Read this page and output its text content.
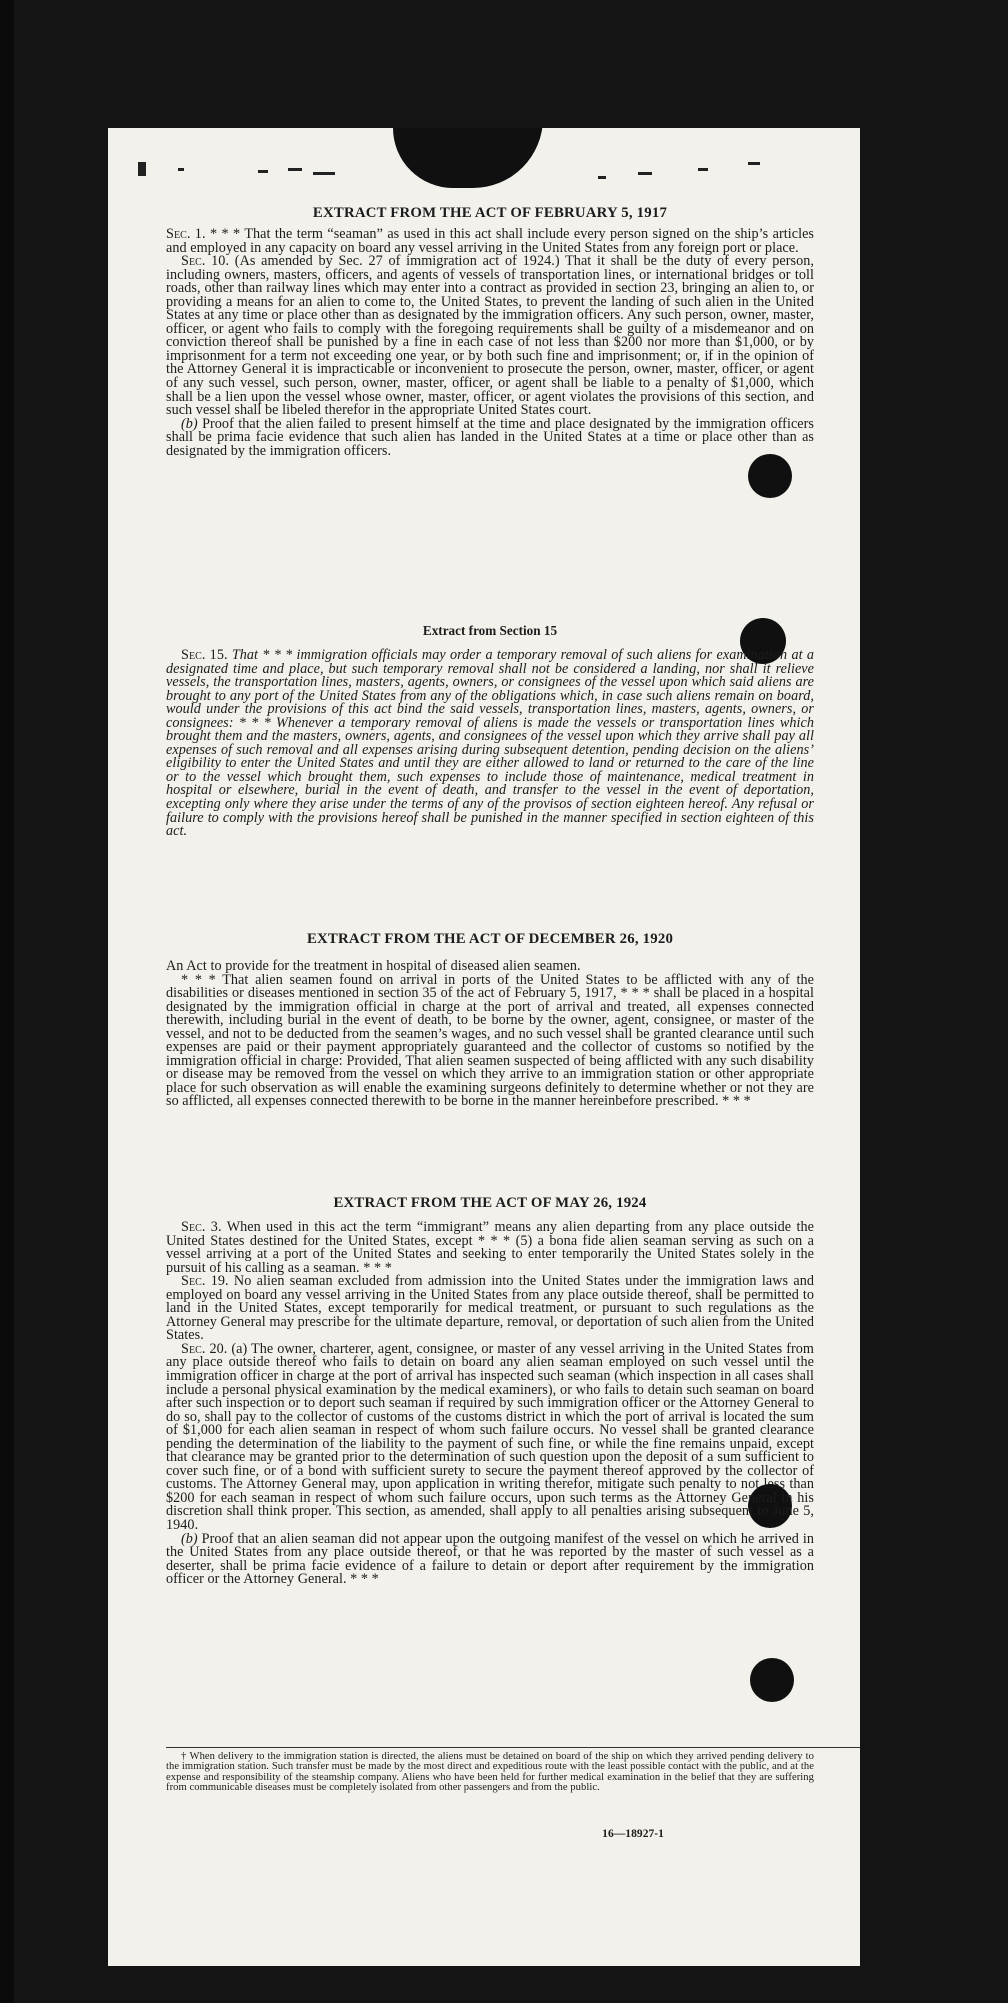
EXTRACT FROM THE ACT OF FEBRUARY 5, 1917

Sec. 1. * * * That the term “seaman” as used in this act shall include every person signed on the ship’s articles and employed in any capacity on board any vessel arriving in the United States from any foreign port or place.

Sec. 10. (As amended by Sec. 27 of immigration act of 1924.) That it shall be the duty of every person, including owners, masters, officers, and agents of vessels of transportation lines, or international bridges or toll roads, other than railway lines which may enter into a contract as provided in section 23, bringing an alien to, or providing a means for an alien to come to, the United States, to prevent the landing of such alien in the United States at any time or place other than as designated by the immigration officers. Any such person, owner, master, officer, or agent who fails to comply with the foregoing requirements shall be guilty of a misdemeanor and on conviction thereof shall be punished by a fine in each case of not less than $200 nor more than $1,000, or by imprisonment for a term not exceeding one year, or by both such fine and imprisonment; or, if in the opinion of the Attorney General it is impracticable or inconvenient to prosecute the person, owner, master, officer, or agent of any such vessel, such person, owner, master, officer, or agent shall be liable to a penalty of $1,000, which shall be a lien upon the vessel whose owner, master, officer, or agent violates the provisions of this section, and such vessel shall be libeled therefor in the appropriate United States court.

(b) Proof that the alien failed to present himself at the time and place designated by the immigration officers shall be prima facie evidence that such alien has landed in the United States at a time or place other than as designated by the immigration officers.

Extract from Section 15

Sec. 15. That * * * immigration officials may order a temporary removal of such aliens for examination at a designated time and place, but such temporary removal shall not be considered a landing, nor shall it relieve vessels, the transportation lines, masters, agents, owners, or consignees of the vessel upon which said aliens are brought to any port of the United States from any of the obligations which, in case such aliens remain on board, would under the provisions of this act bind the said vessels, transportation lines, masters, agents, owners, or consignees: * * * Whenever a temporary removal of aliens is made the vessels or transportation lines which brought them and the masters, owners, agents, and consignees of the vessel upon which they arrive shall pay all expenses of such removal and all expenses arising during subsequent detention, pending decision on the aliens’ eligibility to enter the United States and until they are either allowed to land or returned to the care of the line or to the vessel which brought them, such expenses to include those of maintenance, medical treatment in hospital or elsewhere, burial in the event of death, and transfer to the vessel in the event of deportation, excepting only where they arise under the terms of any of the provisos of section eighteen hereof. Any refusal or failure to comply with the provisions hereof shall be punished in the manner specified in section eighteen of this act.

EXTRACT FROM THE ACT OF DECEMBER 26, 1920

An Act to provide for the treatment in hospital of diseased alien seamen.

* * * That alien seamen found on arrival in ports of the United States to be afflicted with any of the disabilities or diseases mentioned in section 35 of the act of February 5, 1917, * * * shall be placed in a hospital designated by the immigration official in charge at the port of arrival and treated, all expenses connected therewith, including burial in the event of death, to be borne by the owner, agent, consignee, or master of the vessel, and not to be deducted from the seamen’s wages, and no such vessel shall be granted clearance until such expenses are paid or their payment appropriately guaranteed and the collector of customs so notified by the immigration official in charge: Provided, That alien seamen suspected of being afflicted with any such disability or disease may be removed from the vessel on which they arrive to an immigration station or other appropriate place for such observation as will enable the examining surgeons definitely to determine whether or not they are so afflicted, all expenses connected therewith to be borne in the manner hereinbefore prescribed. * * *

EXTRACT FROM THE ACT OF MAY 26, 1924

Sec. 3. When used in this act the term “immigrant” means any alien departing from any place outside the United States destined for the United States, except * * * (5) a bona fide alien seaman serving as such on a vessel arriving at a port of the United States and seeking to enter temporarily the United States solely in the pursuit of his calling as a seaman. * * *

Sec. 19. No alien seaman excluded from admission into the United States under the immigration laws and employed on board any vessel arriving in the United States from any place outside thereof, shall be permitted to land in the United States, except temporarily for medical treatment, or pursuant to such regulations as the Attorney General may prescribe for the ultimate departure, removal, or deportation of such alien from the United States.

Sec. 20. (a) The owner, charterer, agent, consignee, or master of any vessel arriving in the United States from any place outside thereof who fails to detain on board any alien seaman employed on such vessel until the immigration officer in charge at the port of arrival has inspected such seaman (which inspection in all cases shall include a personal physical examination by the medical examiners), or who fails to detain such seaman on board after such inspection or to deport such seaman if required by such immigration officer or the Attorney General to do so, shall pay to the collector of customs of the customs district in which the port of arrival is located the sum of $1,000 for each alien seaman in respect of whom such failure occurs. No vessel shall be granted clearance pending the determination of the liability to the payment of such fine, or while the fine remains unpaid, except that clearance may be granted prior to the determination of such question upon the deposit of a sum sufficient to cover such fine, or of a bond with sufficient surety to secure the payment thereof approved by the collector of customs. The Attorney General may, upon application in writing therefor, mitigate such penalty to not less than $200 for each seaman in respect of whom such failure occurs, upon such terms as the Attorney General in his discretion shall think proper. This section, as amended, shall apply to all penalties arising subsequent to June 5, 1940.

(b) Proof that an alien seaman did not appear upon the outgoing manifest of the vessel on which he arrived in the United States from any place outside thereof, or that he was reported by the master of such vessel as a deserter, shall be prima facie evidence of a failure to detain or deport after requirement by the immigration officer or the Attorney General. * * *

† When delivery to the immigration station is directed, the aliens must be detained on board of the ship on which they arrived pending delivery to the immigration station. Such transfer must be made by the most direct and expeditious route with the least possible contact with the public, and at the expense and responsibility of the steamship company. Aliens who have been held for further medical examination in the belief that they are suffering from communicable diseases must be completely isolated from other passengers and from the public.

16—18927-1
